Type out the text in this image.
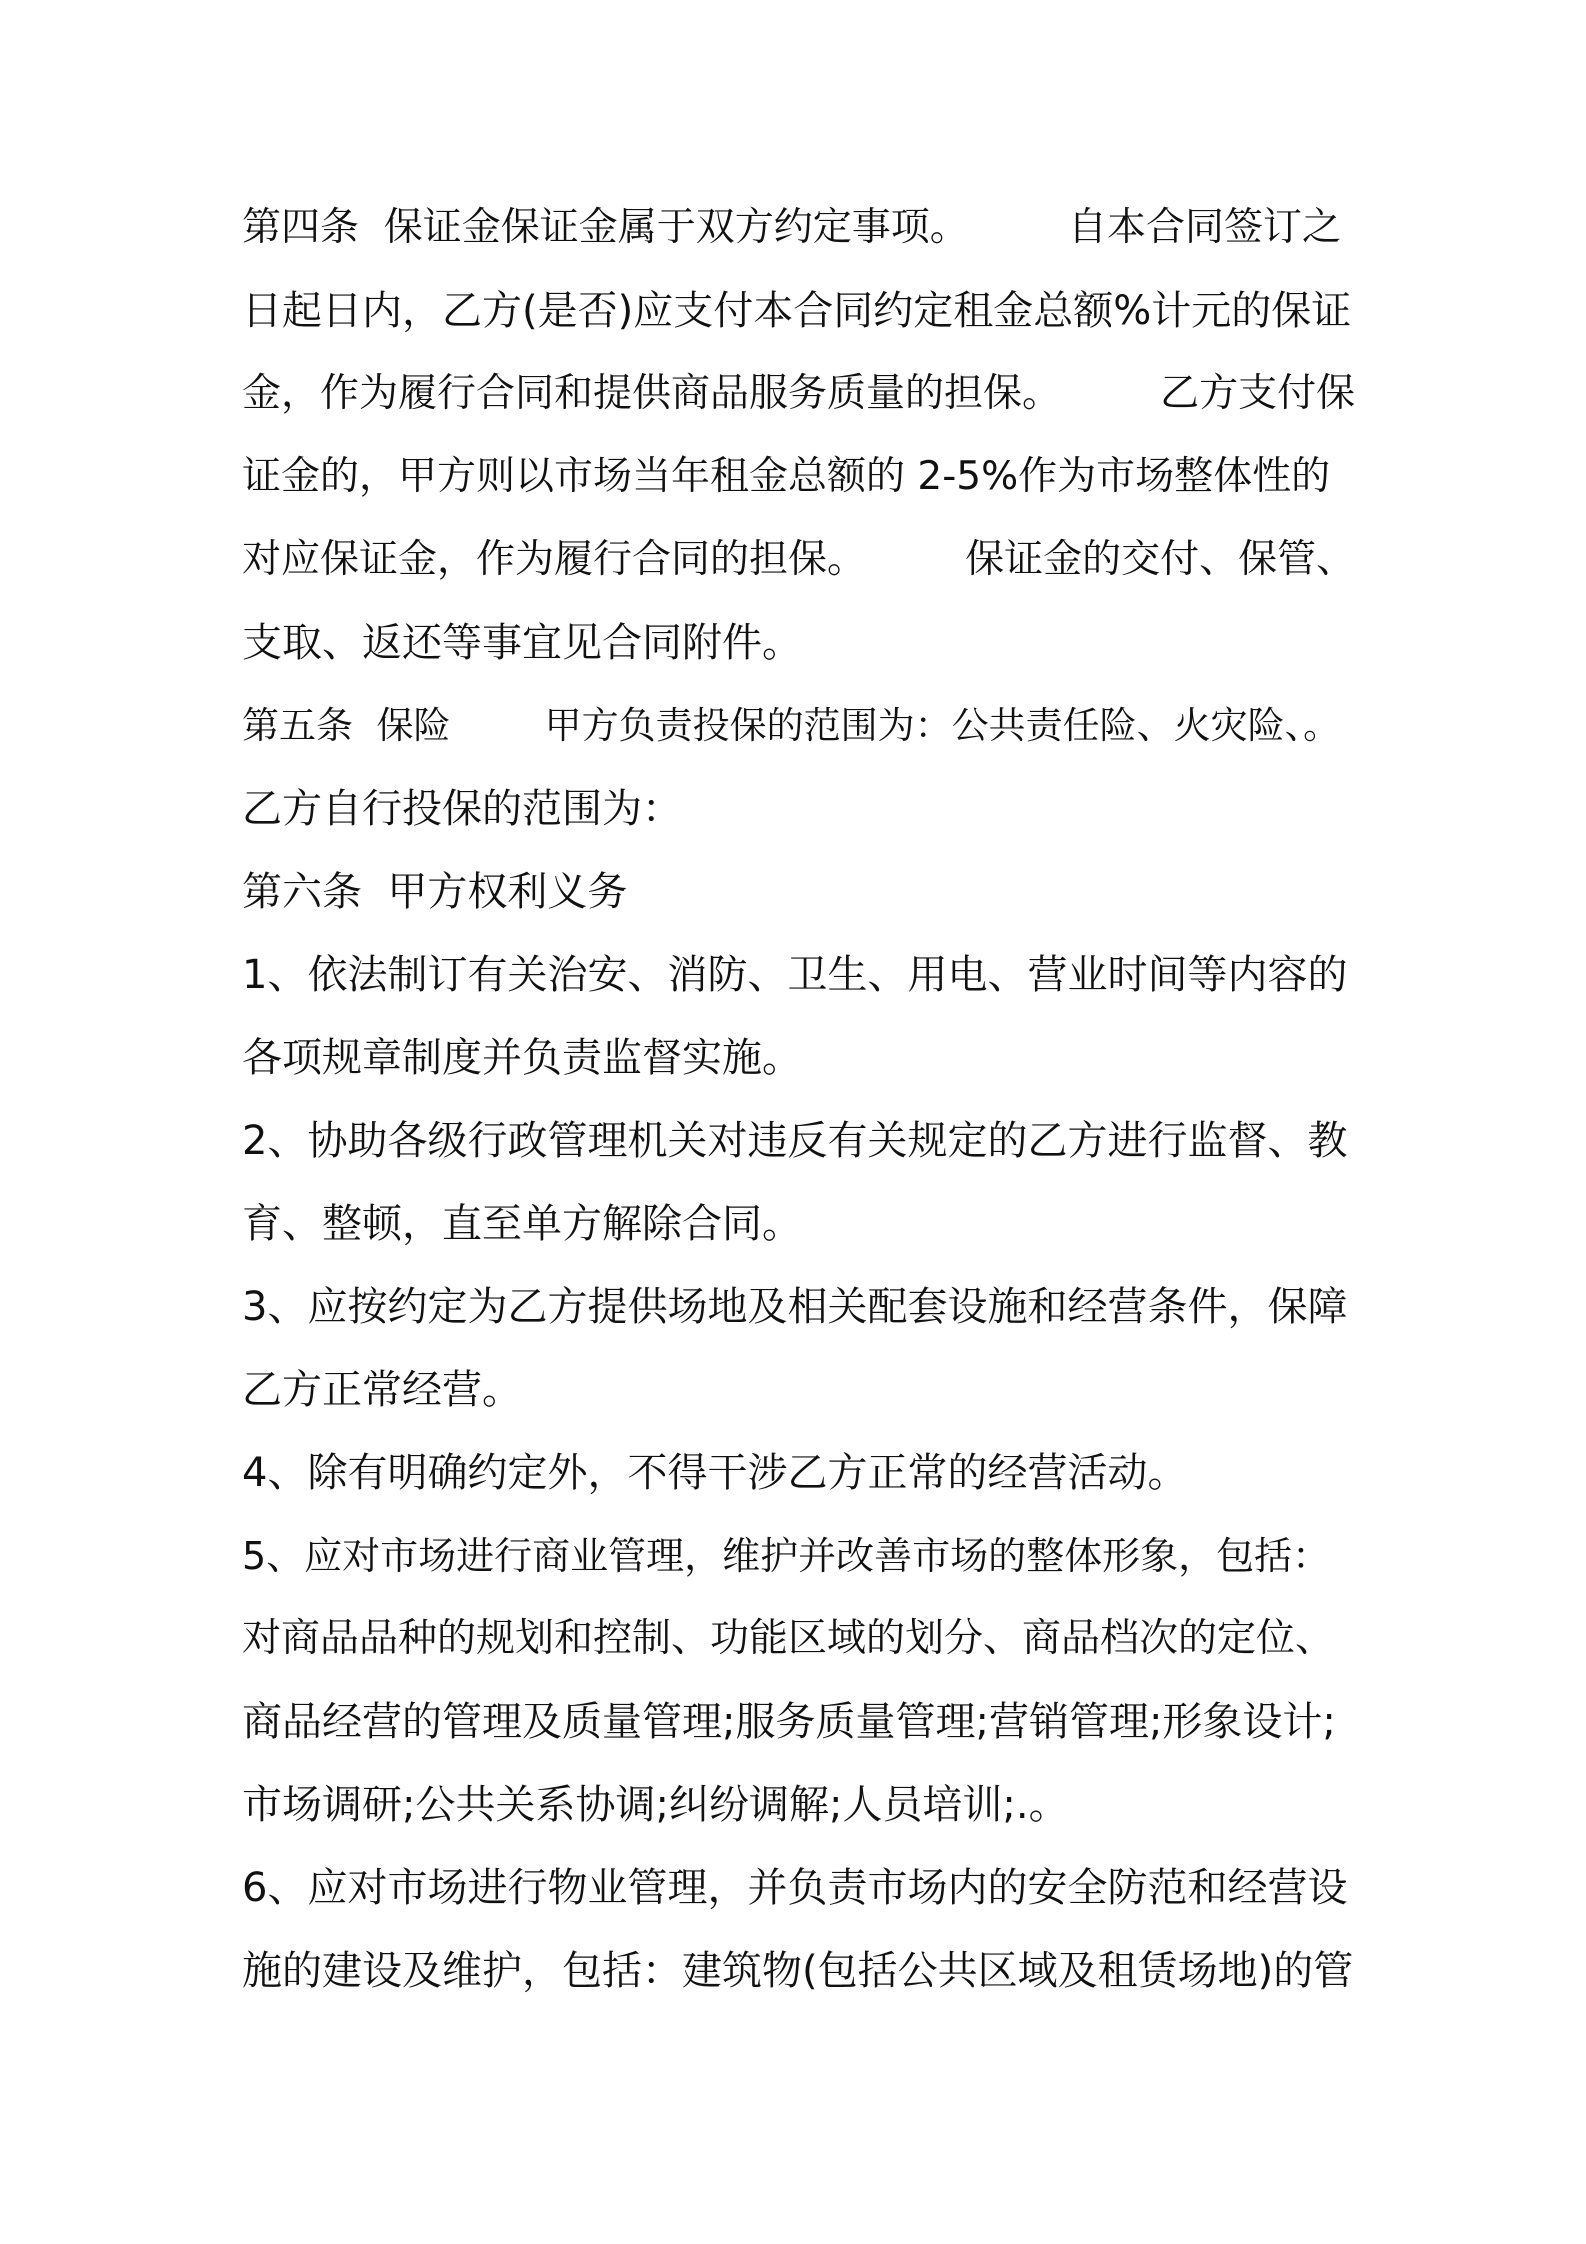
第四条  保证金保证金属于双方约定事项。        自本合同签订之
日起日内，乙方(是否)应支付本合同约定租金总额%计元的保证
金，作为履行合同和提供商品服务质量的担保。        乙方支付保
证金的，甲方则以市场当年租金总额的 2-5%作为市场整体性的
对应保证金，作为履行合同的担保。        保证金的交付、保管、
支取、返还等事宜见合同附件。
第五条  保险        甲方负责投保的范围为：公共责任险、火灾险、。
乙方自行投保的范围为：
第六条  甲方权利义务
1、依法制订有关治安、消防、卫生、用电、营业时间等内容的
各项规章制度并负责监督实施。
2、协助各级行政管理机关对违反有关规定的乙方进行监督、教
育、整顿，直至单方解除合同。
3、应按约定为乙方提供场地及相关配套设施和经营条件，保障
乙方正常经营。
4、除有明确约定外，不得干涉乙方正常的经营活动。
5、应对市场进行商业管理，维护并改善市场的整体形象，包括：
对商品品种的规划和控制、功能区域的划分、商品档次的定位、
商品经营的管理及质量管理;服务质量管理;营销管理;形象设计;
市场调研;公共关系协调;纠纷调解;人员培训;.。
6、应对市场进行物业管理，并负责市场内的安全防范和经营设
施的建设及维护，包括：建筑物(包括公共区域及租赁场地)的管
